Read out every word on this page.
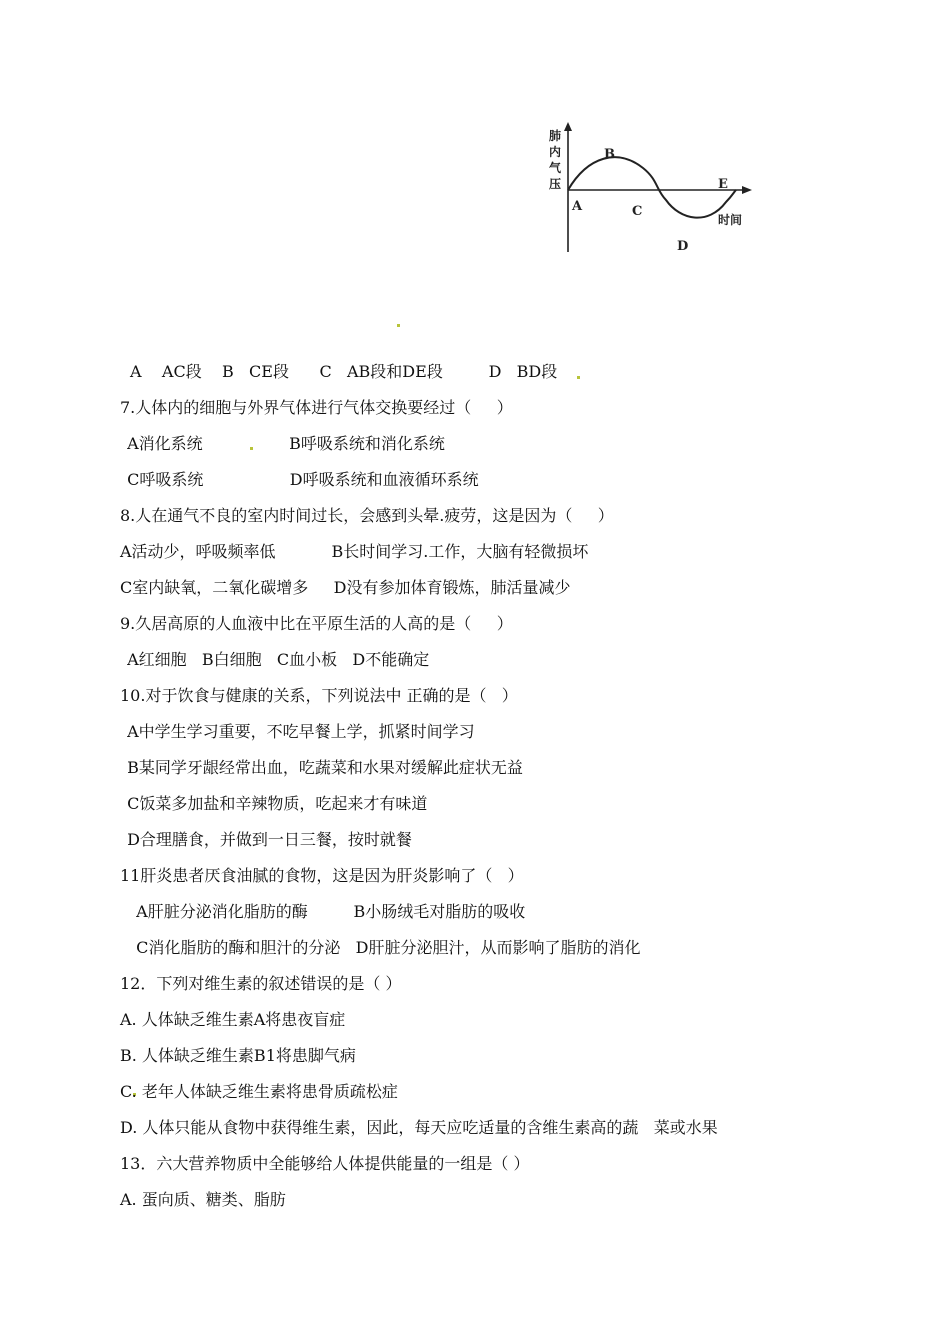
肺
内
气
压
A
B
C
D
E
时间
A    AC段    B   CE段      C   AB段和DE段         D   BD段
7.人体内的细胞与外界气体进行气体交换要经过（     ）
A消化系统                 B呼吸系统和消化系统
C呼吸系统                 D呼吸系统和血液循环系统
8.人在通气不良的室内时间过长，会感到头晕.疲劳，这是因为（     ）
A活动少，呼吸频率低           B长时间学习.工作，大脑有轻微损坏
C室内缺氧，二氧化碳增多     D没有参加体育锻炼，肺活量减少
9.久居高原的人血液中比在平原生活的人高的是（     ）
A红细胞   B白细胞   C血小板   D不能确定
10.对于饮食与健康的关系，下列说法中 正确的是（   ）
A中学生学习重要，不吃早餐上学，抓紧时间学习
B某同学牙龈经常出血，吃蔬菜和水果对缓解此症状无益
C饭菜多加盐和辛辣物质，吃起来才有味道
D合理膳食，并做到一日三餐，按时就餐
11肝炎患者厌食油腻的食物，这是因为肝炎影响了（   ）
A肝脏分泌消化脂肪的酶         B小肠绒毛对脂肪的吸收
C消化脂肪的酶和胆汁的分泌   D肝脏分泌胆汁，从而影响了脂肪的消化
12．下列对维生素的叙述错误的是（ ）
A. 人体缺乏维生素A将患夜盲症
B. 人体缺乏维生素B1将患脚气病
C. 老年人体缺乏维生素将患骨质疏松症
D. 人体只能从食物中获得维生素，因此，每天应吃适量的含维生素高的蔬   菜或水果
13．六大营养物质中全能够给人体提供能量的一组是（ ）
A. 蛋向质、糖类、脂肪
